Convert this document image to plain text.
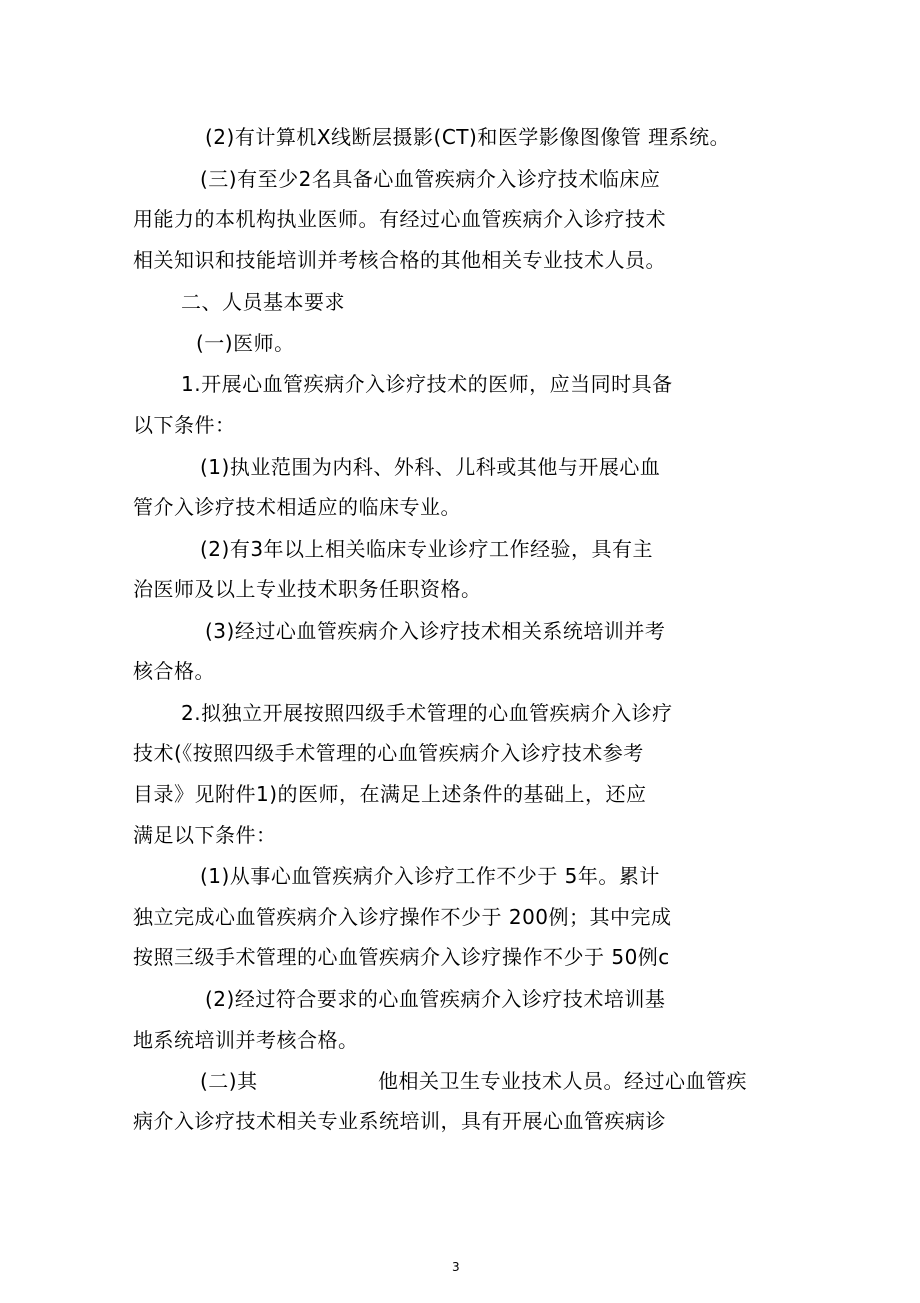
(2)有计算机X线断层摄影(CT)和医学影像图像管 理系统。
(三)有至少2名具备心血管疾病介入诊疗技术临床应
用能力的本机构执业医师。有经过心血管疾病介入诊疗技术
相关知识和技能培训并考核合格的其他相关专业技术人员。
二、人员基本要求
(一)医师。
1.开展心血管疾病介入诊疗技术的医师，应当同时具备
以下条件：
(1)执业范围为内科、外科、儿科或其他与开展心血
管介入诊疗技术相适应的临床专业。
(2)有3年以上相关临床专业诊疗工作经验，具有主
治医师及以上专业技术职务任职资格。
(3)经过心血管疾病介入诊疗技术相关系统培训并考
核合格。
2.拟独立开展按照四级手术管理的心血管疾病介入诊疗
技术(《按照四级手术管理的心血管疾病介入诊疗技术参考
目录》见附件1)的医师，在满足上述条件的基础上，还应
满足以下条件：
(1)从事心血管疾病介入诊疗工作不少于 5年。累计
独立完成心血管疾病介入诊疗操作不少于 200例；其中完成
按照三级手术管理的心血管疾病介入诊疗操作不少于 50例c
(2)经过符合要求的心血管疾病介入诊疗技术培训基
地系统培训并考核合格。
(二)其	他相关卫生专业技术人员。经过心血管疾
病介入诊疗技术相关专业系统培训，具有开展心血管疾病诊
3
